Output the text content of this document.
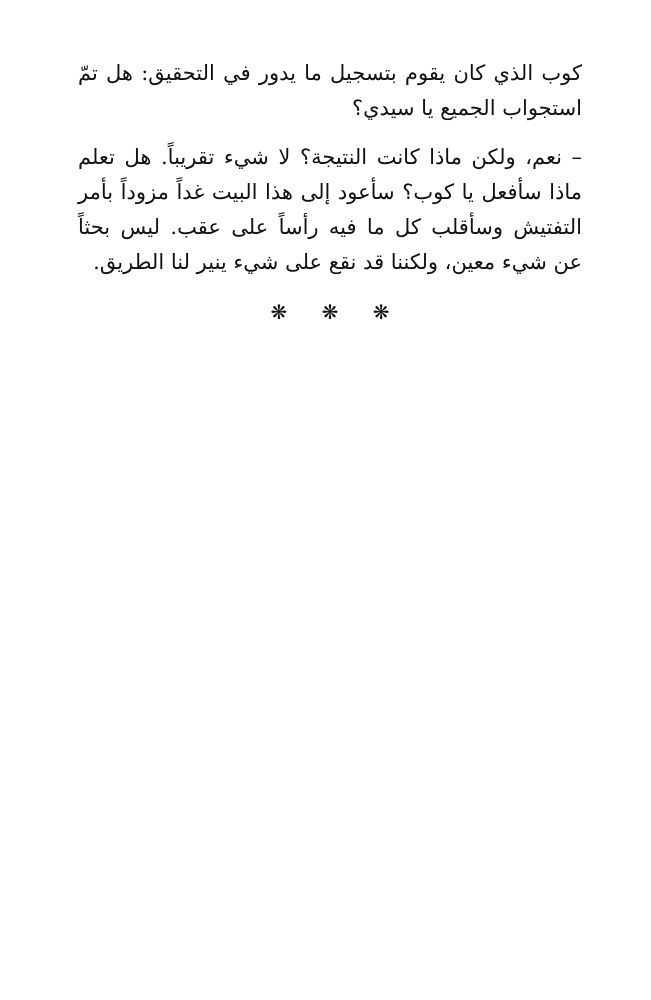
كوب الذي كان يقوم بتسجيل ما يدور في التحقيق: هل تمّ استجواب الجميع يا سيدي؟

– نعم، ولكن ماذا كانت النتيجة؟ لا شيء تقريباً. هل تعلم ماذا سأفعل يا كوب؟ سأعود إلى هذا البيت غداً مزوداً بأمر التفتيش وسأقلب كل ما فيه رأساً على عقب. ليس بحثاً عن شيء معين، ولكننا قد نقع على شيء ينير لنا الطريق.

❋ ❋ ❋
